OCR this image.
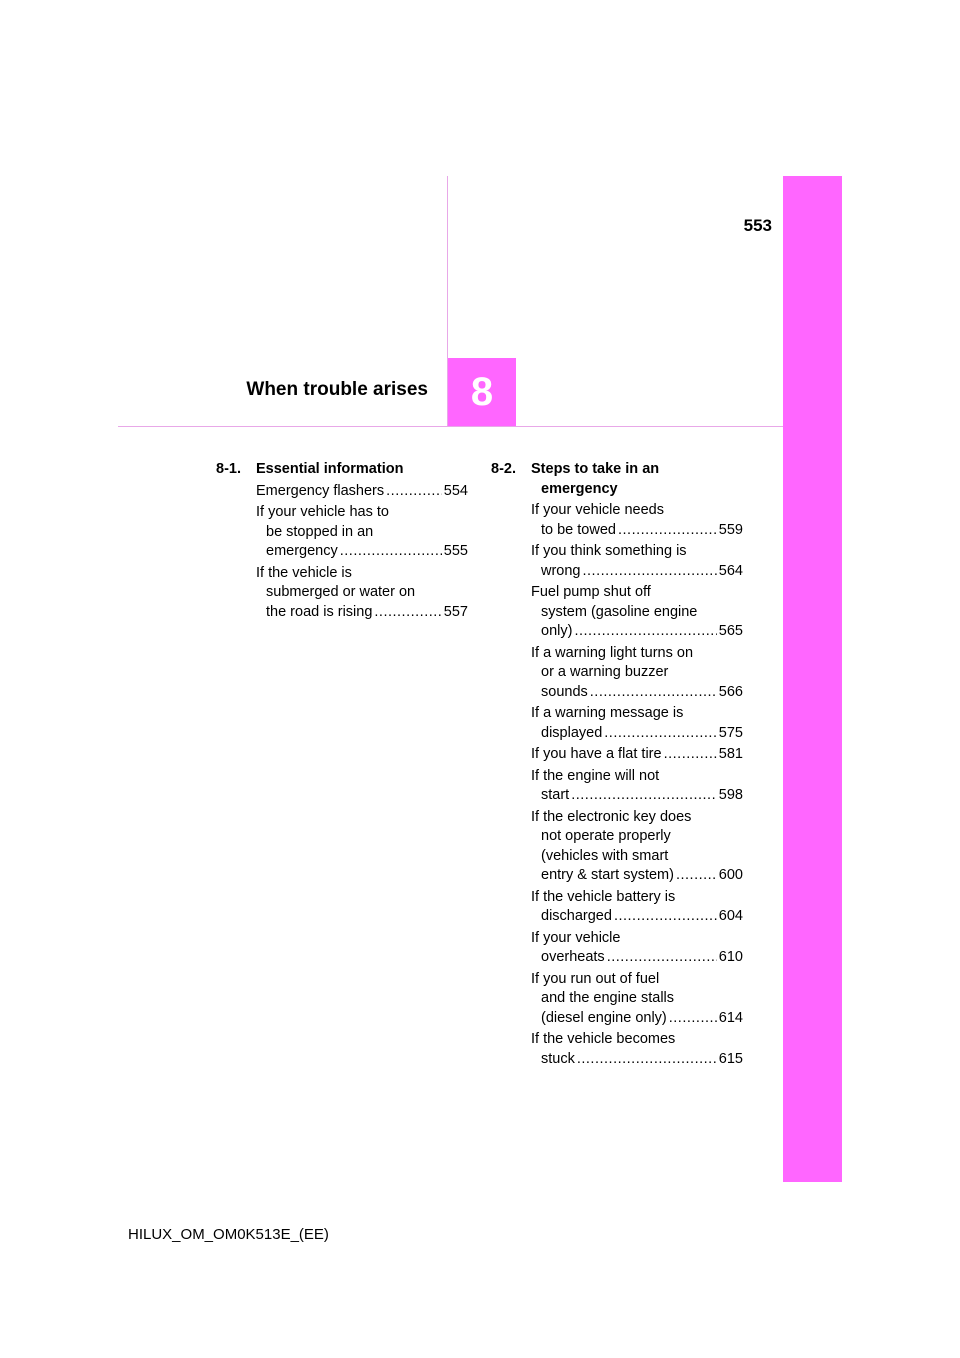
553
When trouble arises 8
8-1. Essential information
Emergency flashers .....	554
If your vehicle has to
be stopped in an
emergency .....	555
If the vehicle is
submerged or water on
the road is rising .....	557
8-2. Steps to take in an
emergency
If your vehicle needs
to be towed .....	559
If you think something is
wrong .....	564
Fuel pump shut off
system (gasoline engine
only) .....	565
If a warning light turns on
or a warning buzzer
sounds .....	566
If a warning message is
displayed .....	575
If you have a flat tire .....	581
If the engine will not
start .....	598
If the electronic key does
not operate properly
(vehicles with smart
entry & start system) .....	600
If the vehicle battery is
discharged .....	604
If your vehicle
overheats .....	610
If you run out of fuel
and the engine stalls
(diesel engine only) .....	614
If the vehicle becomes
stuck .....	615
HILUX_OM_OM0K513E_(EE)
